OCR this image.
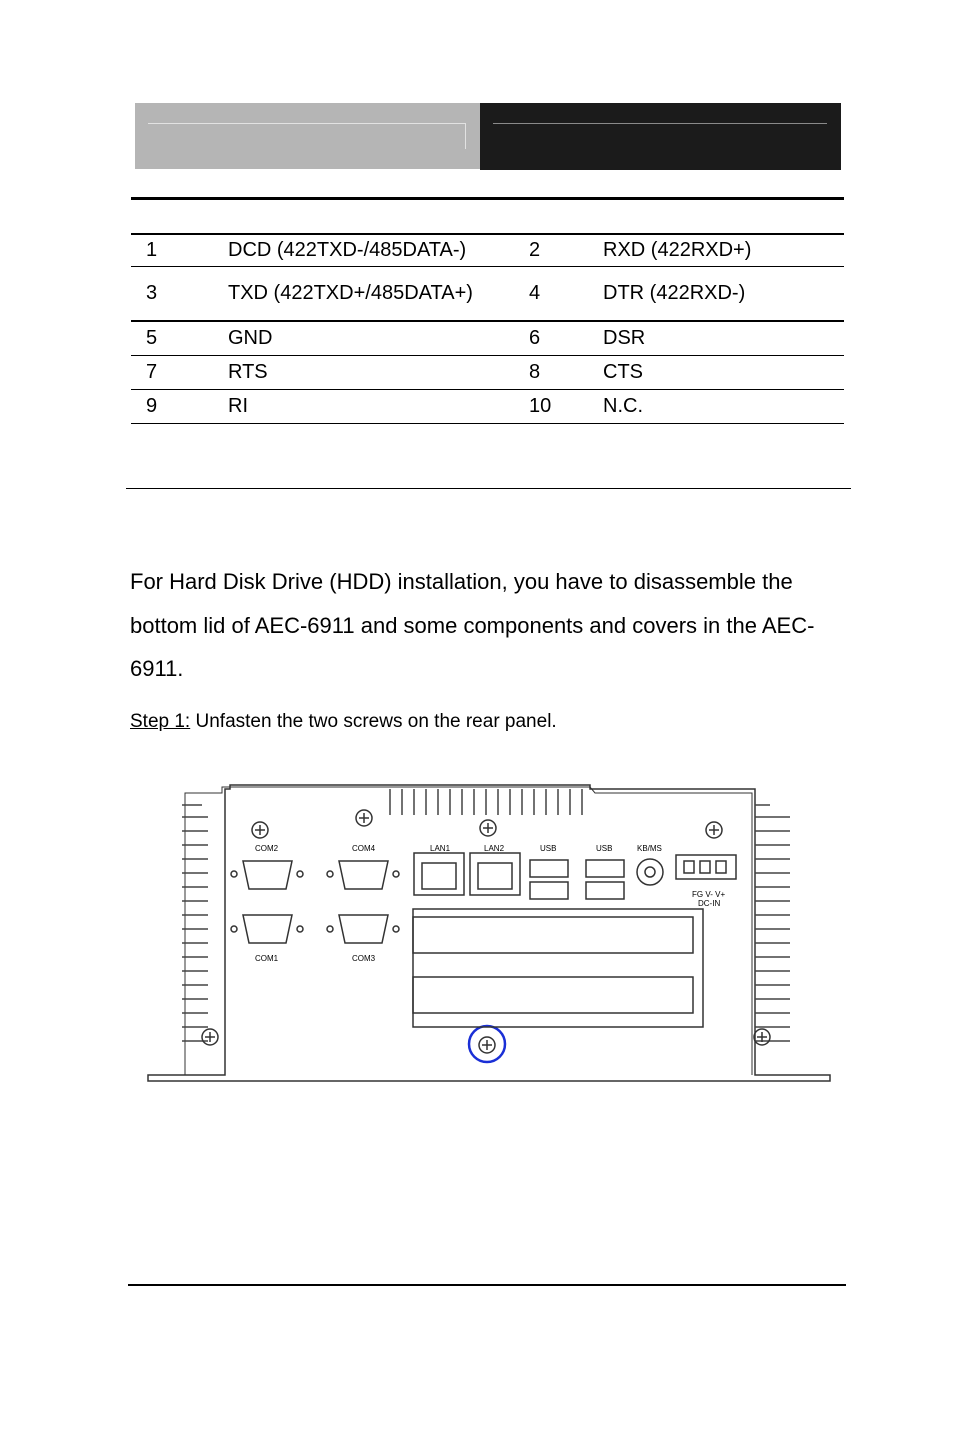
1	DCD (422TXD-/485DATA-)	2	RXD (422RXD+)
3	TXD (422TXD+/485DATA+)	4	DTR (422RXD-)
5	GND	6	DSR
7	RTS	8	CTS
9	RI	10	N.C.

For Hard Disk Drive (HDD) installation, you have to disassemble the bottom lid of AEC-6911 and some components and covers in the AEC-6911.

Step 1: Unfasten the two screws on the rear panel.

COM2	COM4
COM1	COM3
LAN1	LAN2	USB	USB	KB/MS
FG V- V+
DC-IN
